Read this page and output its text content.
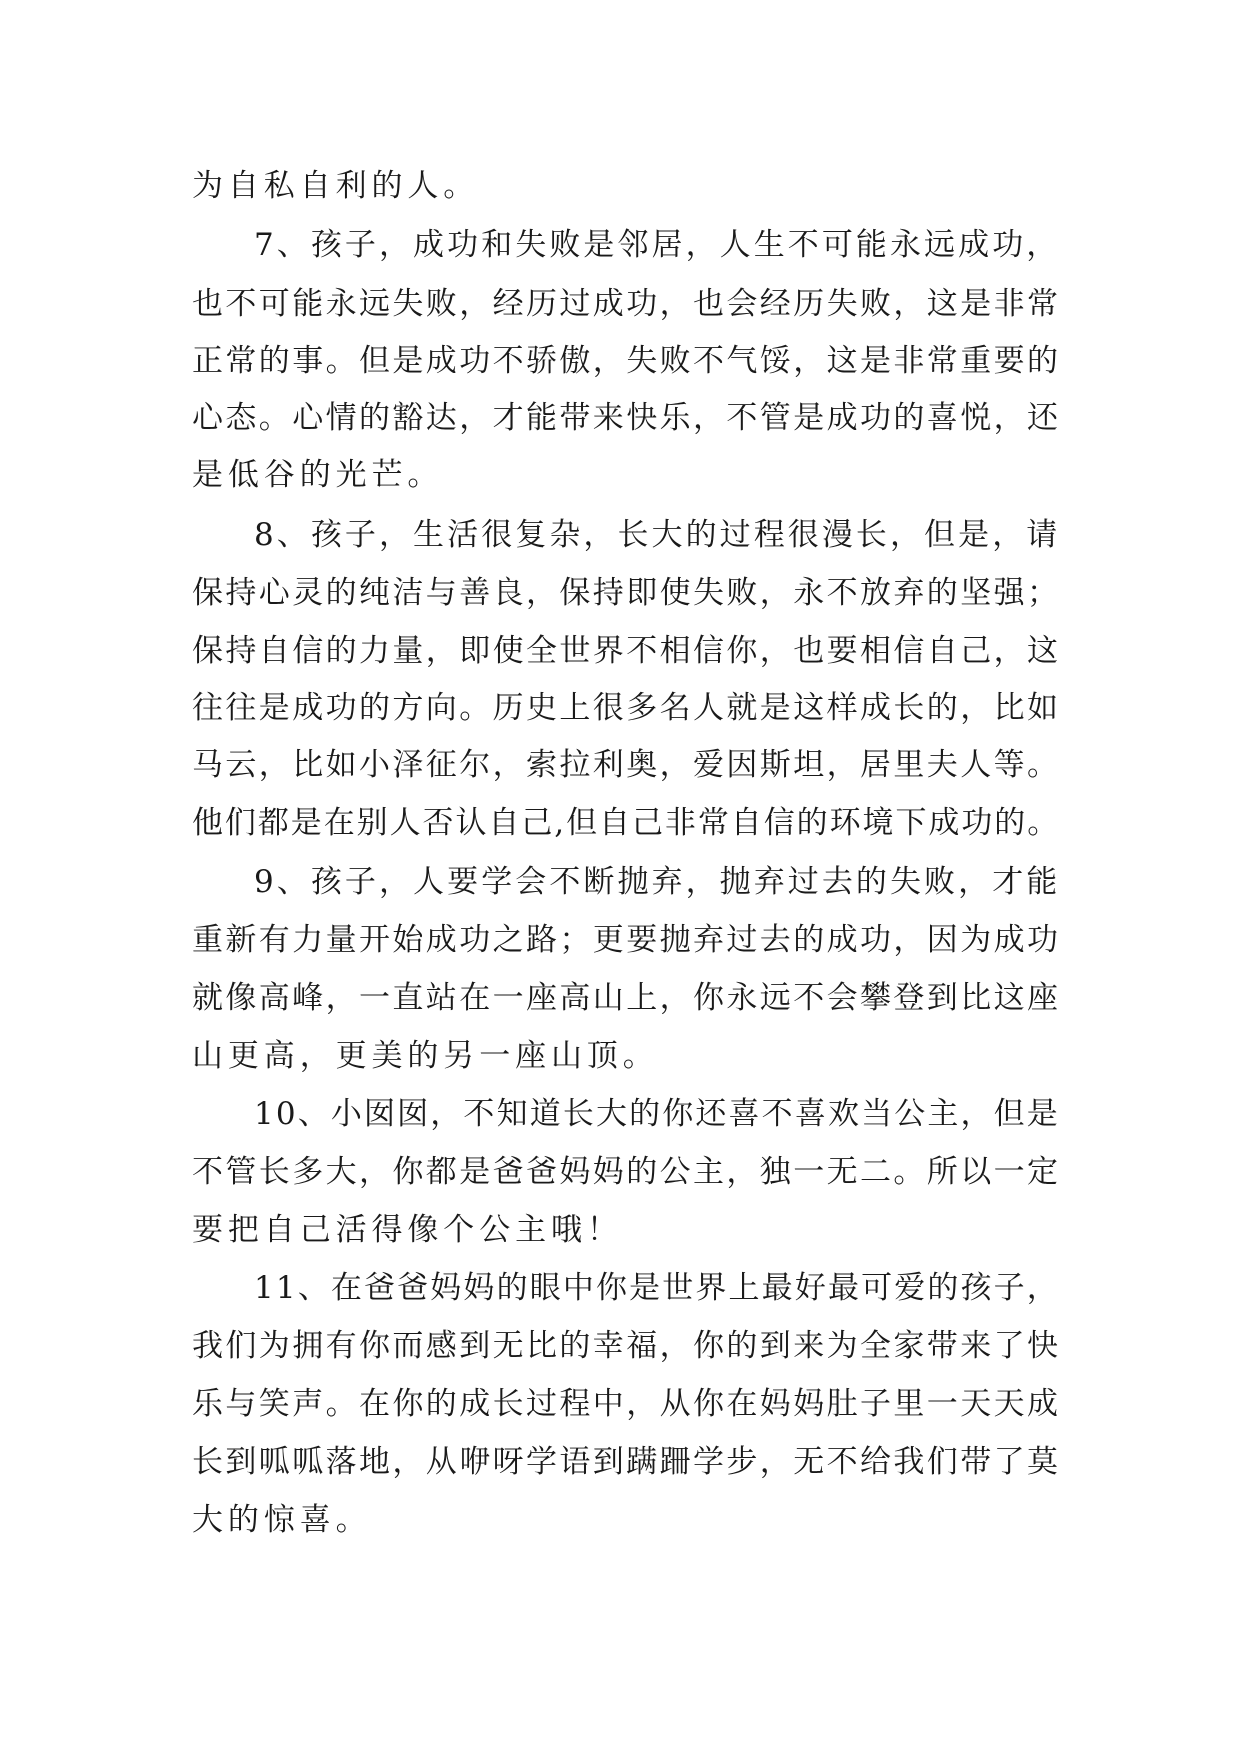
为自私自利的人。
7、孩子，成功和失败是邻居，人生不可能永远成功，
也不可能永远失败，经历过成功，也会经历失败，这是非常
正常的事。但是成功不骄傲，失败不气馁，这是非常重要的
心态。心情的豁达，才能带来快乐，不管是成功的喜悦，还
是低谷的光芒。
8、孩子，生活很复杂，长大的过程很漫长，但是，请
保持心灵的纯洁与善良，保持即使失败，永不放弃的坚强；
保持自信的力量，即使全世界不相信你，也要相信自己，这
往往是成功的方向。历史上很多名人就是这样成长的，比如
马云，比如小泽征尔，索拉利奥，爱因斯坦，居里夫人等。
他们都是在别人否认自己,但自己非常自信的环境下成功的。
9、孩子，人要学会不断抛弃，抛弃过去的失败，才能
重新有力量开始成功之路；更要抛弃过去的成功，因为成功
就像高峰，一直站在一座高山上，你永远不会攀登到比这座
山更高，更美的另一座山顶。
10、小囡囡，不知道长大的你还喜不喜欢当公主，但是
不管长多大，你都是爸爸妈妈的公主，独一无二。所以一定
要把自己活得像个公主哦！
11、在爸爸妈妈的眼中你是世界上最好最可爱的孩子，
我们为拥有你而感到无比的幸福，你的到来为全家带来了快
乐与笑声。在你的成长过程中，从你在妈妈肚子里一天天成
长到呱呱落地，从咿呀学语到蹒跚学步，无不给我们带了莫
大的惊喜。
